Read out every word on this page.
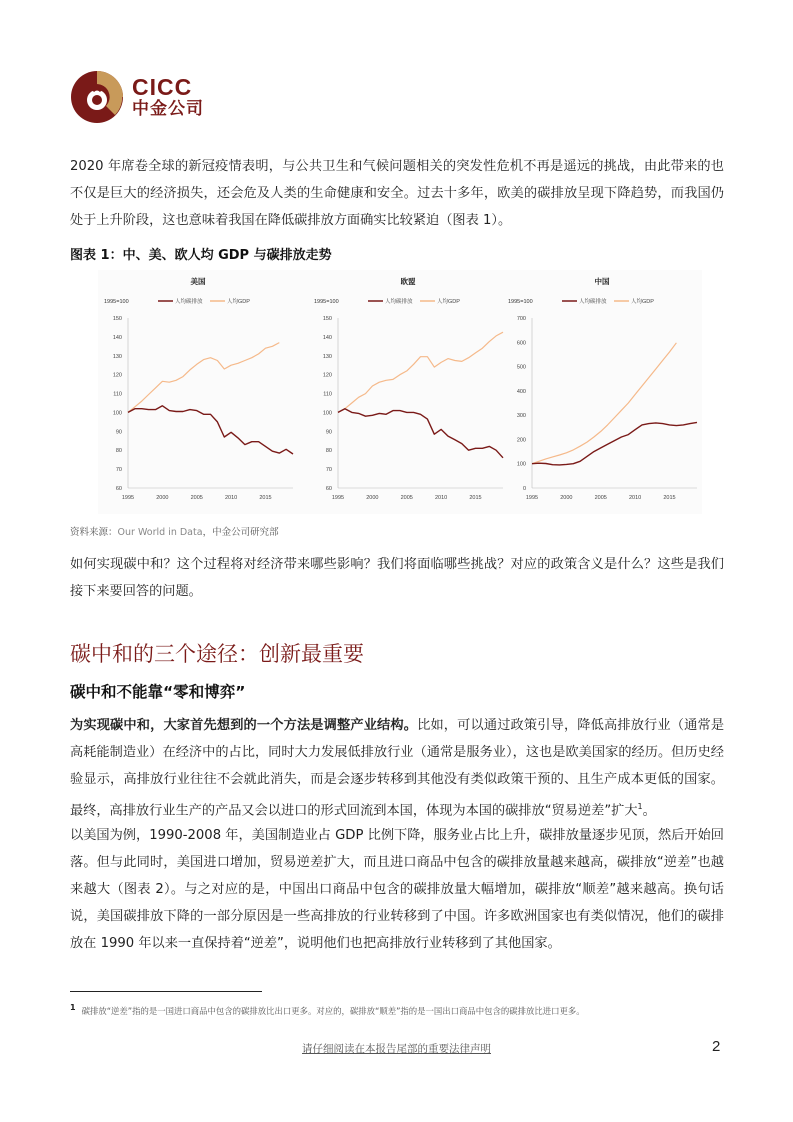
CICC
中金公司
2020 年席卷全球的新冠疫情表明，与公共卫生和气候问题相关的突发性危机不再是遥远的挑战，由此带来的也不仅是巨大的经济损失，还会危及人类的生命健康和安全。过去十多年，欧美的碳排放呈现下降趋势，而我国仍处于上升阶段，这也意味着我国在降低碳排放方面确实比较紧迫（图表 1）。
图表 1：中、美、欧人均 GDP 与碳排放走势
美国
1995=100	人均碳排放	人均GDP
60
70
80
90
100
110
120
130
140
150
1995	2000	2005	2010	2015
欧盟
1995=100	人均碳排放	人均GDP
60
70
80
90
100
110
120
130
140
150
1995	2000	2005	2010	2015
中国
1995=100	人均碳排放	人均GDP
0
100
200
300
400
500
600
700
1995	2000	2005	2010	2015
资料来源：Our World in Data，中金公司研究部
如何实现碳中和？这个过程将对经济带来哪些影响？我们将面临哪些挑战？对应的政策含义是什么？这些是我们接下来要回答的问题。
碳中和的三个途径：创新最重要
碳中和不能靠“零和博弈”
为实现碳中和，大家首先想到的一个方法是调整产业结构。比如，可以通过政策引导，降低高排放行业（通常是高耗能制造业）在经济中的占比，同时大力发展低排放行业（通常是服务业），这也是欧美国家的经历。但历史经验显示，高排放行业往往不会就此消失，而是会逐步转移到其他没有类似政策干预的、且生产成本更低的国家。最终，高排放行业生产的产品又会以进口的形式回流到本国，体现为本国的碳排放“贸易逆差”扩大$^1$。
以美国为例，1990-2008 年，美国制造业占 GDP 比例下降，服务业占比上升，碳排放量逐步见顶，然后开始回落。但与此同时，美国进口增加，贸易逆差扩大，而且进口商品中包含的碳排放量越来越高，碳排放“逆差”也越来越大（图表 2）。与之对应的是，中国出口商品中包含的碳排放量大幅增加，碳排放“顺差”越来越高。换句话说，美国碳排放下降的一部分原因是一些高排放的行业转移到了中国。许多欧洲国家也有类似情况，他们的碳排放在 1990 年以来一直保持着“逆差”，说明他们也把高排放行业转移到了其他国家。
$^1$ 碳排放“逆差”指的是一国进口商品中包含的碳排放比出口更多。对应的，碳排放“顺差”指的是一国出口商品中包含的碳排放比进口更多。
请仔细阅读在本报告尾部的重要法律声明	2
